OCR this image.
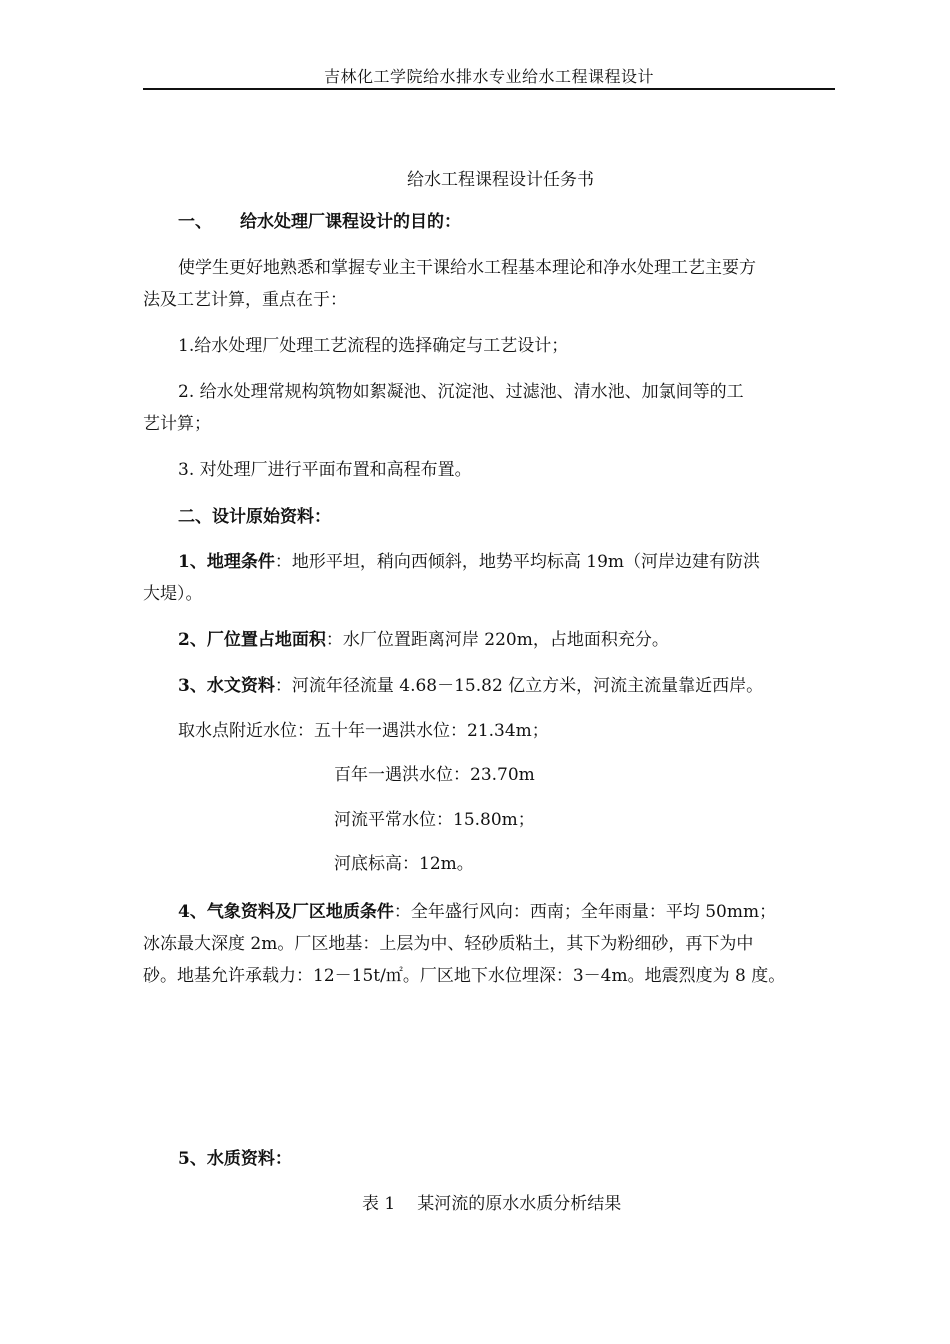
吉林化工学院给水排水专业给水工程课程设计
给水工程课程设计任务书
一、 给水处理厂课程设计的目的：
使学生更好地熟悉和掌握专业主干课给水工程基本理论和净水处理工艺主要方
法及工艺计算，重点在于：
1.给水处理厂处理工艺流程的选择确定与工艺设计；
2. 给水处理常规构筑物如絮凝池、沉淀池、过滤池、清水池、加氯间等的工
艺计算；
3. 对处理厂进行平面布置和高程布置。
二、设计原始资料：
1、地理条件：地形平坦，稍向西倾斜，地势平均标高 19m（河岸边建有防洪
大堤）。
2、厂位置占地面积：水厂位置距离河岸 220m，占地面积充分。
3、水文资料：河流年径流量 4.68－15.82 亿立方米，河流主流量靠近西岸。
取水点附近水位：五十年一遇洪水位：21.34m；
百年一遇洪水位：23.70m
河流平常水位：15.80m；
河底标高：12m。
4、气象资料及厂区地质条件：全年盛行风向：西南；全年雨量：平均 50mm；
冰冻最大深度 2m。厂区地基：上层为中、轻砂质粘土，其下为粉细砂，再下为中
砂。地基允许承载力：12－15t/㎡。厂区地下水位埋深：3－4m。地震烈度为 8 度。
5、水质资料：
表 1 某河流的原水水质分析结果
